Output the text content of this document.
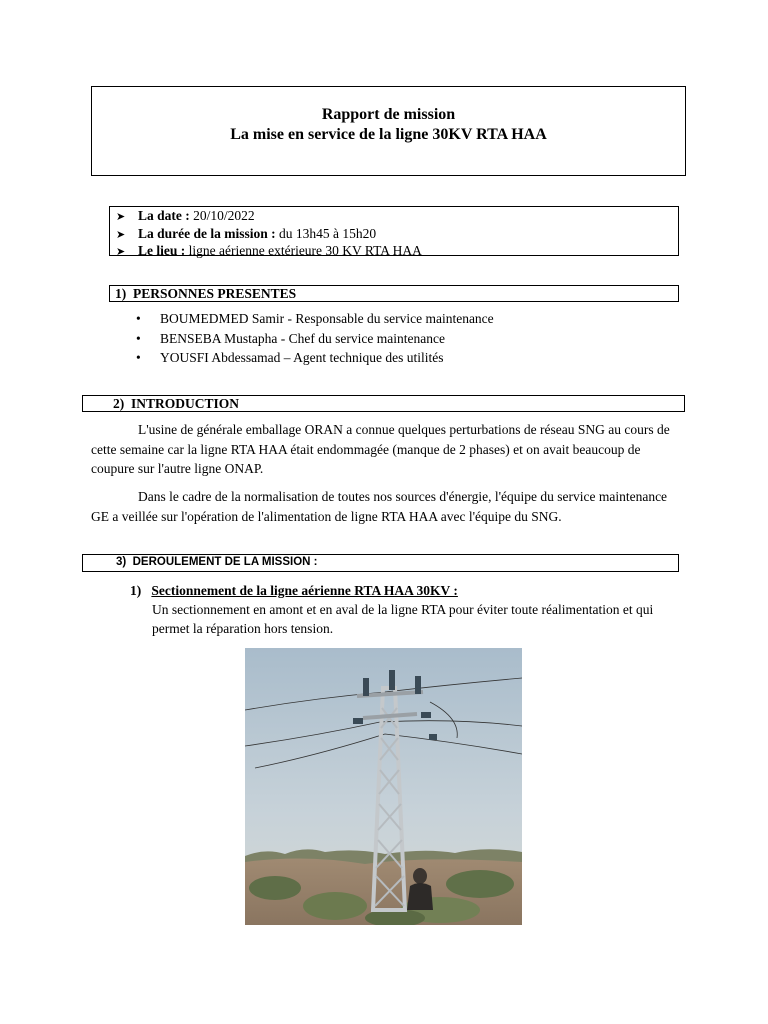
Rapport de mission
La mise en service de la ligne 30KV RTA HAA
➤ La date : 20/10/2022
➤ La durée de la mission : du 13h45 à 15h20
➤ Le lieu : ligne aérienne extérieure 30 KV RTA HAA
1) PERSONNES PRESENTES
•	BOUMEDMED Samir - Responsable du service maintenance
•	BENSEBA Mustapha - Chef du service maintenance
•	YOUSFI Abdessamad – Agent technique des utilités
2) INTRODUCTION
L'usine de générale emballage ORAN a connue quelques perturbations de réseau SNG au cours de cette semaine car la ligne RTA HAA était endommagée (manque de 2 phases) et on avait beaucoup de coupure sur l'autre ligne ONAP.
Dans le cadre de la normalisation de toutes nos sources d'énergie, l'équipe du service maintenance GE a veillée sur l'opération de l'alimentation de ligne RTA HAA avec l'équipe du SNG.
3) DEROULEMENT DE LA MISSION :
1) Sectionnement de la ligne aérienne RTA HAA 30KV :
Un sectionnement en amont et en aval de la ligne RTA pour éviter toute réalimentation et qui permet la réparation hors tension.
